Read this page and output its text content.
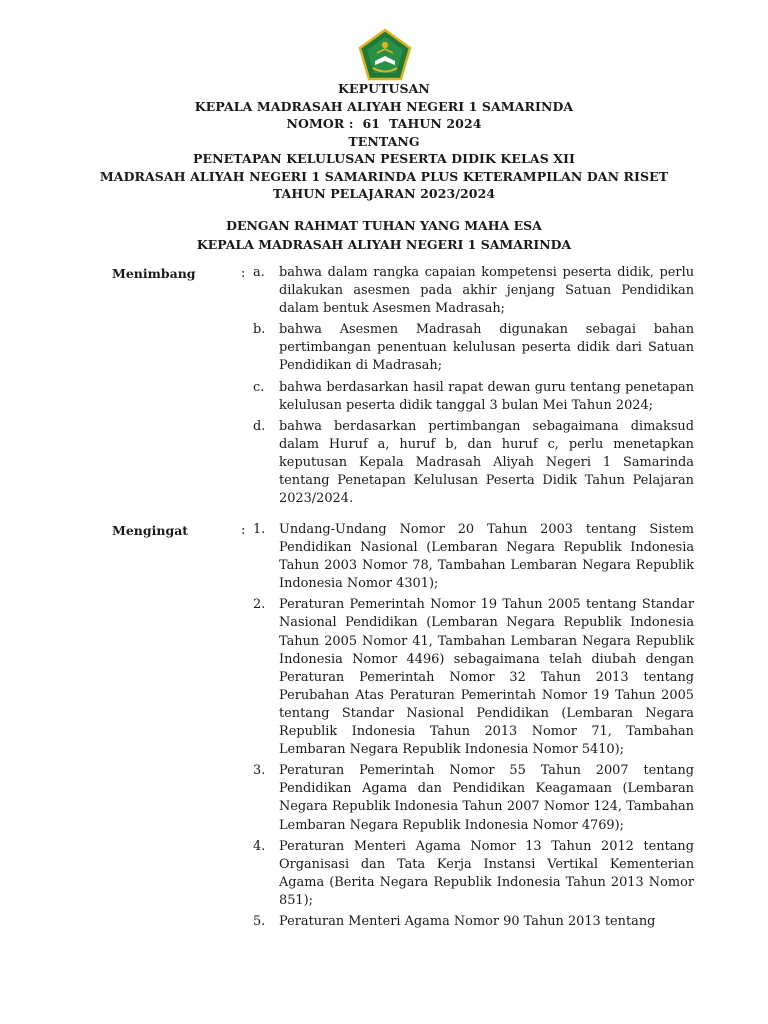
KEPUTUSAN
KEPALA MADRASAH ALIYAH NEGERI 1 SAMARINDA
NOMOR :  61  TAHUN 2024
TENTANG
PENETAPAN KELULUSAN PESERTA DIDIK KELAS XII
MADRASAH ALIYAH NEGERI 1 SAMARINDA PLUS KETERAMPILAN DAN RISET
TAHUN PELAJARAN 2023/2024
DENGAN RAHMAT TUHAN YANG MAHA ESA
KEPALA MADRASAH ALIYAH NEGERI 1 SAMARINDA
Menimbang	: a. bahwa dalam rangka capaian kompetensi peserta didik, perlu dilakukan asesmen pada akhir jenjang Satuan Pendidikan dalam bentuk Asesmen Madrasah;
b. bahwa Asesmen Madrasah digunakan sebagai bahan pertimbangan penentuan kelulusan peserta didik dari Satuan Pendidikan di Madrasah;
c. bahwa berdasarkan hasil rapat dewan guru tentang penetapan kelulusan peserta didik tanggal 3 bulan Mei Tahun 2024;
d. bahwa berdasarkan pertimbangan sebagaimana dimaksud dalam Huruf a, huruf b, dan huruf c, perlu menetapkan keputusan Kepala Madrasah Aliyah Negeri 1 Samarinda tentang Penetapan Kelulusan Peserta Didik Tahun Pelajaran 2023/2024.
Mengingat	: 1. Undang-Undang Nomor 20 Tahun 2003 tentang Sistem Pendidikan Nasional (Lembaran Negara Republik Indonesia Tahun 2003 Nomor 78, Tambahan Lembaran Negara Republik Indonesia Nomor 4301);
2. Peraturan Pemerintah Nomor 19 Tahun 2005 tentang Standar Nasional Pendidikan (Lembaran Negara Republik Indonesia Tahun 2005 Nomor 41, Tambahan Lembaran Negara Republik Indonesia Nomor 4496) sebagaimana telah diubah dengan Peraturan Pemerintah Nomor 32 Tahun 2013 tentang Perubahan Atas Peraturan Pemerintah Nomor 19 Tahun 2005 tentang Standar Nasional Pendidikan (Lembaran Negara Republik Indonesia Tahun 2013 Nomor 71, Tambahan Lembaran Negara Republik Indonesia Nomor 5410);
3. Peraturan Pemerintah Nomor 55 Tahun 2007 tentang Pendidikan Agama dan Pendidikan Keagamaan (Lembaran Negara Republik Indonesia Tahun 2007 Nomor 124, Tambahan Lembaran Negara Republik Indonesia Nomor 4769);
4. Peraturan Menteri Agama Nomor 13 Tahun 2012 tentang Organisasi dan Tata Kerja Instansi Vertikal Kementerian Agama (Berita Negara Republik Indonesia Tahun 2013 Nomor 851);
5. Peraturan Menteri Agama Nomor 90 Tahun 2013 tentang
